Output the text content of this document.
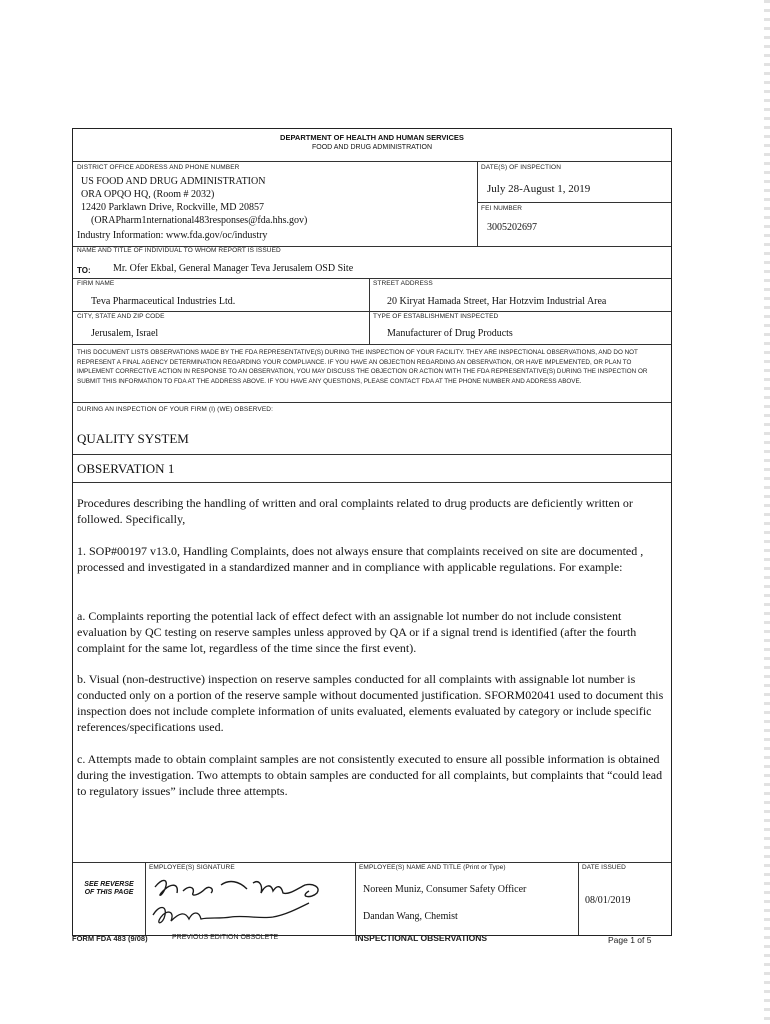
DEPARTMENT OF HEALTH AND HUMAN SERVICES
FOOD AND DRUG ADMINISTRATION
DISTRICT OFFICE ADDRESS AND PHONE NUMBER
US FOOD AND DRUG ADMINISTRATION
ORA OPQO HQ, (Room # 2032)
12420 Parklawn Drive, Rockville, MD 20857
(ORAPharm1nternational483responses@fda.hhs.gov)
Industry Information: www.fda.gov/oc/industry
DATE(S) OF INSPECTION
July 28-August 1, 2019
FEI NUMBER
3005202697
NAME AND TITLE OF INDIVIDUAL TO WHOM REPORT IS ISSUED
TO: Mr. Ofer Ekbal, General Manager Teva Jerusalem OSD Site
FIRM NAME
Teva Pharmaceutical Industries Ltd.
STREET ADDRESS
20 Kiryat Hamada Street, Har Hotzvim Industrial Area
CITY, STATE AND ZIP CODE
Jerusalem, Israel
TYPE OF ESTABLISHMENT INSPECTED
Manufacturer of Drug Products
THIS DOCUMENT LISTS OBSERVATIONS MADE BY THE FDA REPRESENTATIVE(S) DURING THE INSPECTION OF YOUR FACILITY. THEY ARE INSPECTIONAL OBSERVATIONS, AND DO NOT REPRESENT A FINAL AGENCY DETERMINATION REGARDING YOUR COMPLIANCE. IF YOU HAVE AN OBJECTION REGARDING AN OBSERVATION, OR HAVE IMPLEMENTED, OR PLAN TO IMPLEMENT CORRECTIVE ACTION IN RESPONSE TO AN OBSERVATION, YOU MAY DISCUSS THE OBJECTION OR ACTION WITH THE FDA REPRESENTATIVE(S) DURING THE INSPECTION OR SUBMIT THIS INFORMATION TO FDA AT THE ADDRESS ABOVE. IF YOU HAVE ANY QUESTIONS, PLEASE CONTACT FDA AT THE PHONE NUMBER AND ADDRESS ABOVE.
DURING AN INSPECTION OF YOUR FIRM (I) (WE) OBSERVED:
QUALITY SYSTEM
OBSERVATION 1
Procedures describing the handling of written and oral complaints related to drug products are deficiently written or followed. Specifically,
1. SOP#00197 v13.0, Handling Complaints, does not always ensure that complaints received on site are documented , processed and investigated in a standardized manner and in compliance with applicable regulations. For example:
a. Complaints reporting the potential lack of effect defect with an assignable lot number do not include consistent evaluation by QC testing on reserve samples unless approved by QA or if a signal trend is identified (after the fourth complaint for the same lot, regardless of the time since the first event).
b. Visual (non-destructive) inspection on reserve samples conducted for all complaints with assignable lot number is conducted only on a portion of the reserve sample without documented justification. SFORM02041 used to document this inspection does not include complete information of units evaluated, elements evaluated by category or include specific references/specifications used.
c. Attempts made to obtain complaint samples are not consistently executed to ensure all possible information is obtained during the investigation. Two attempts to obtain samples are conducted for all complaints, but complaints that “could lead to regulatory issues” include three attempts.
SEE REVERSE OF THIS PAGE
EMPLOYEE(S) SIGNATURE	EMPLOYEE(S) NAME AND TITLE (Print or Type)
Noreen Muniz, Consumer Safety Officer
Dandan Wang, Chemist
DATE ISSUED
08/01/2019
FORM FDA 483 (9/08)	PREVIOUS EDITION OBSOLETE	INSPECTIONAL OBSERVATIONS	Page 1 of 5
